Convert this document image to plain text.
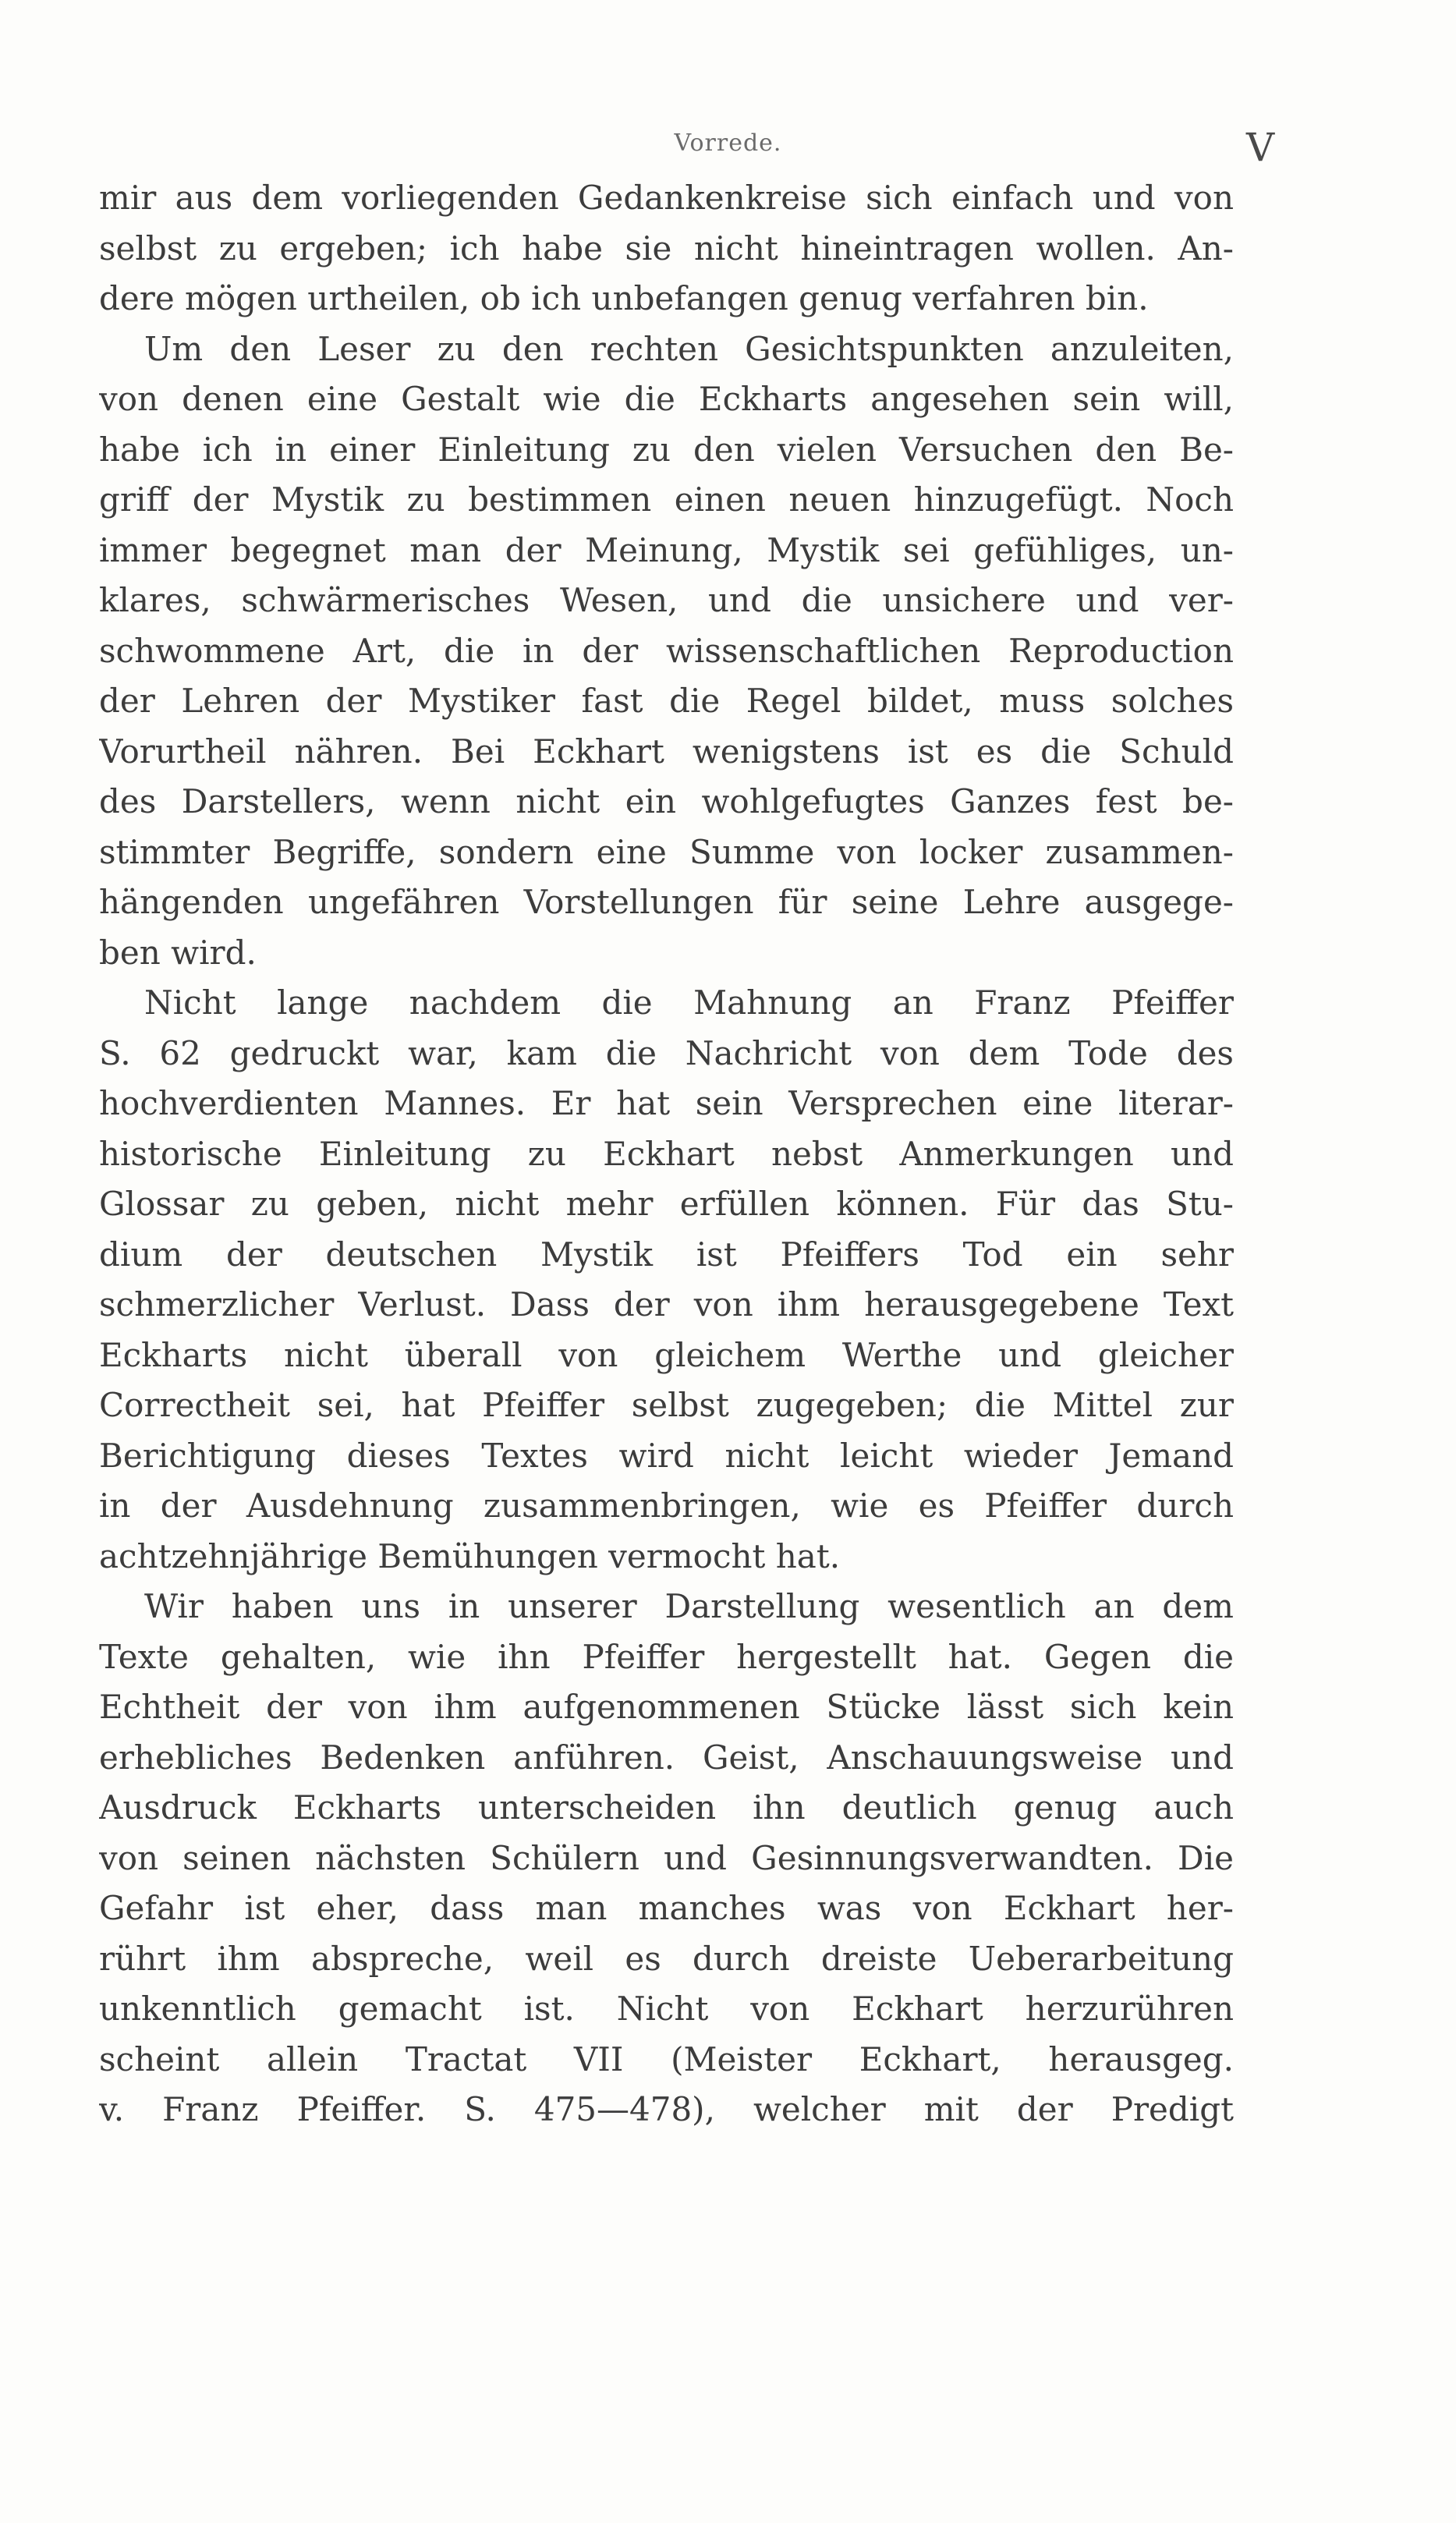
Vorrede.	V
mir aus dem vorliegenden Gedankenkreise sich einfach und von
selbst zu ergeben; ich habe sie nicht hineintragen wollen. An-
dere mögen urtheilen, ob ich unbefangen genug verfahren bin.
Um den Leser zu den rechten Gesichtspunkten anzuleiten,
von denen eine Gestalt wie die Eckharts angesehen sein will,
habe ich in einer Einleitung zu den vielen Versuchen den Be-
griff der Mystik zu bestimmen einen neuen hinzugefügt. Noch
immer begegnet man der Meinung, Mystik sei gefühliges, un-
klares, schwärmerisches Wesen, und die unsichere und ver-
schwommene Art, die in der wissenschaftlichen Reproduction
der Lehren der Mystiker fast die Regel bildet, muss solches
Vorurtheil nähren. Bei Eckhart wenigstens ist es die Schuld
des Darstellers, wenn nicht ein wohlgefugtes Ganzes fest be-
stimmter Begriffe, sondern eine Summe von locker zusammen-
hängenden ungefähren Vorstellungen für seine Lehre ausgege-
ben wird.
Nicht lange nachdem die Mahnung an Franz Pfeiffer
S. 62 gedruckt war, kam die Nachricht von dem Tode des
hochverdienten Mannes. Er hat sein Versprechen eine literar-
historische Einleitung zu Eckhart nebst Anmerkungen und
Glossar zu geben, nicht mehr erfüllen können. Für das Stu-
dium der deutschen Mystik ist Pfeiffers Tod ein sehr
schmerzlicher Verlust. Dass der von ihm herausgegebene Text
Eckharts nicht überall von gleichem Werthe und gleicher
Correctheit sei, hat Pfeiffer selbst zugegeben; die Mittel zur
Berichtigung dieses Textes wird nicht leicht wieder Jemand
in der Ausdehnung zusammenbringen, wie es Pfeiffer durch
achtzehnjährige Bemühungen vermocht hat.
Wir haben uns in unserer Darstellung wesentlich an dem
Texte gehalten, wie ihn Pfeiffer hergestellt hat. Gegen die
Echtheit der von ihm aufgenommenen Stücke lässt sich kein
erhebliches Bedenken anführen. Geist, Anschauungsweise und
Ausdruck Eckharts unterscheiden ihn deutlich genug auch
von seinen nächsten Schülern und Gesinnungsverwandten. Die
Gefahr ist eher, dass man manches was von Eckhart her-
rührt ihm abspreche, weil es durch dreiste Ueberarbeitung
unkenntlich gemacht ist. Nicht von Eckhart herzurühren
scheint allein Tractat VII (Meister Eckhart, herausgeg.
v. Franz Pfeiffer. S. 475—478), welcher mit der Predigt
